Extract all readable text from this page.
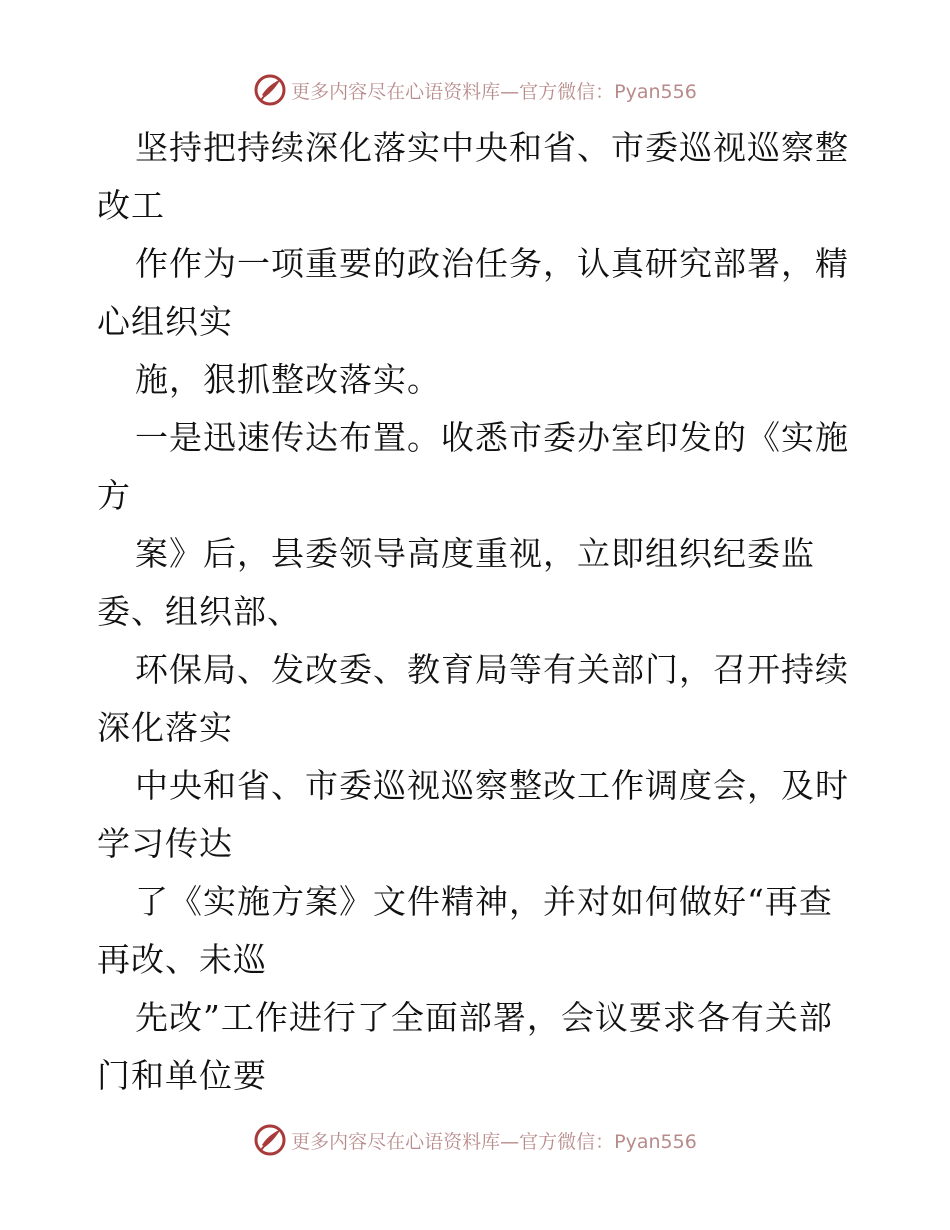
更多内容尽在心语资料库—官方微信：Pyan556
坚持把持续深化落实中央和省、市委巡视巡察整
改工
作作为一项重要的政治任务，认真研究部署，精
心组织实
施，狠抓整改落实。
一是迅速传达布置。收悉市委办室印发的《实施
方
案》后，县委领导高度重视，立即组织纪委监
委、组织部、
环保局、发改委、教育局等有关部门，召开持续
深化落实
中央和省、市委巡视巡察整改工作调度会，及时
学习传达
了《实施方案》文件精神，并对如何做好“再查
再改、未巡
先改”工作进行了全面部署，会议要求各有关部
门和单位要
更多内容尽在心语资料库—官方微信：Pyan556
